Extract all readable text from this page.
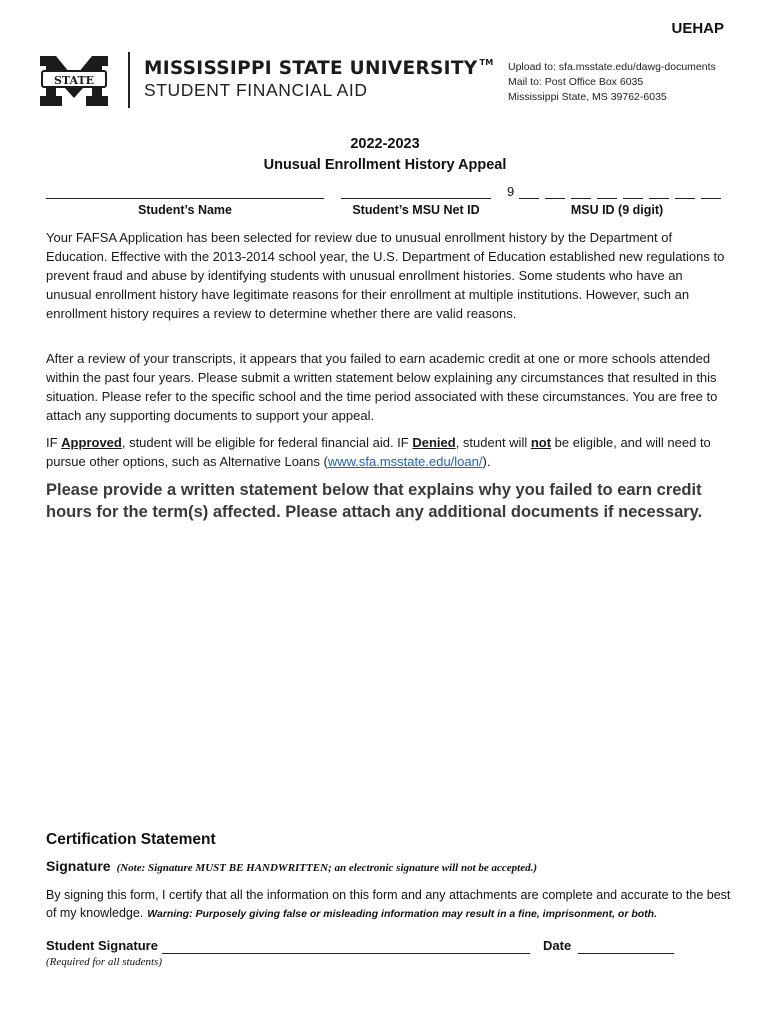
UEHAP
STATE
MISSISSIPPI STATE UNIVERSITY ™
STUDENT FINANCIAL AID
Upload to: sfa.msstate.edu/dawg-documents
Mail to: Post Office Box 6035
Mississippi State, MS 39762-6035
2022-2023
Unusual Enrollment History Appeal
Student’s Name	Student’s MSU Net ID
9
MSU ID (9 digit)
Your FAFSA Application has been selected for review due to unusual enrollment history by the Department of Education. Effective with the 2013-2014 school year, the U.S. Department of Education established new regulations to prevent fraud and abuse by identifying students with unusual enrollment histories. Some students who have an unusual enrollment history have legitimate reasons for their enrollment at multiple institutions. However, such an enrollment history requires a review to determine whether there are valid reasons.
After a review of your transcripts, it appears that you failed to earn academic credit at one or more schools attended within the past four years. Please submit a written statement below explaining any circumstances that resulted in this situation. Please refer to the specific school and the time period associated with these circumstances. You are free to attach any supporting documents to support your appeal.
IF Approved, student will be eligible for federal financial aid. IF Denied, student will not be eligible, and will need to pursue other options, such as Alternative Loans (www.sfa.msstate.edu/loan/).
Please provide a written statement below that explains why you failed to earn credit hours for the term(s) affected. Please attach any additional documents if necessary.
Certification Statement
Signature (Note: Signature MUST BE HANDWRITTEN; an electronic signature will not be accepted.)
By signing this form, I certify that all the information on this form and any attachments are complete and accurate to the best of my knowledge. Warning: Purposely giving false or misleading information may result in a fine, imprisonment, or both.
Student Signature	Date
(Required for all students)
